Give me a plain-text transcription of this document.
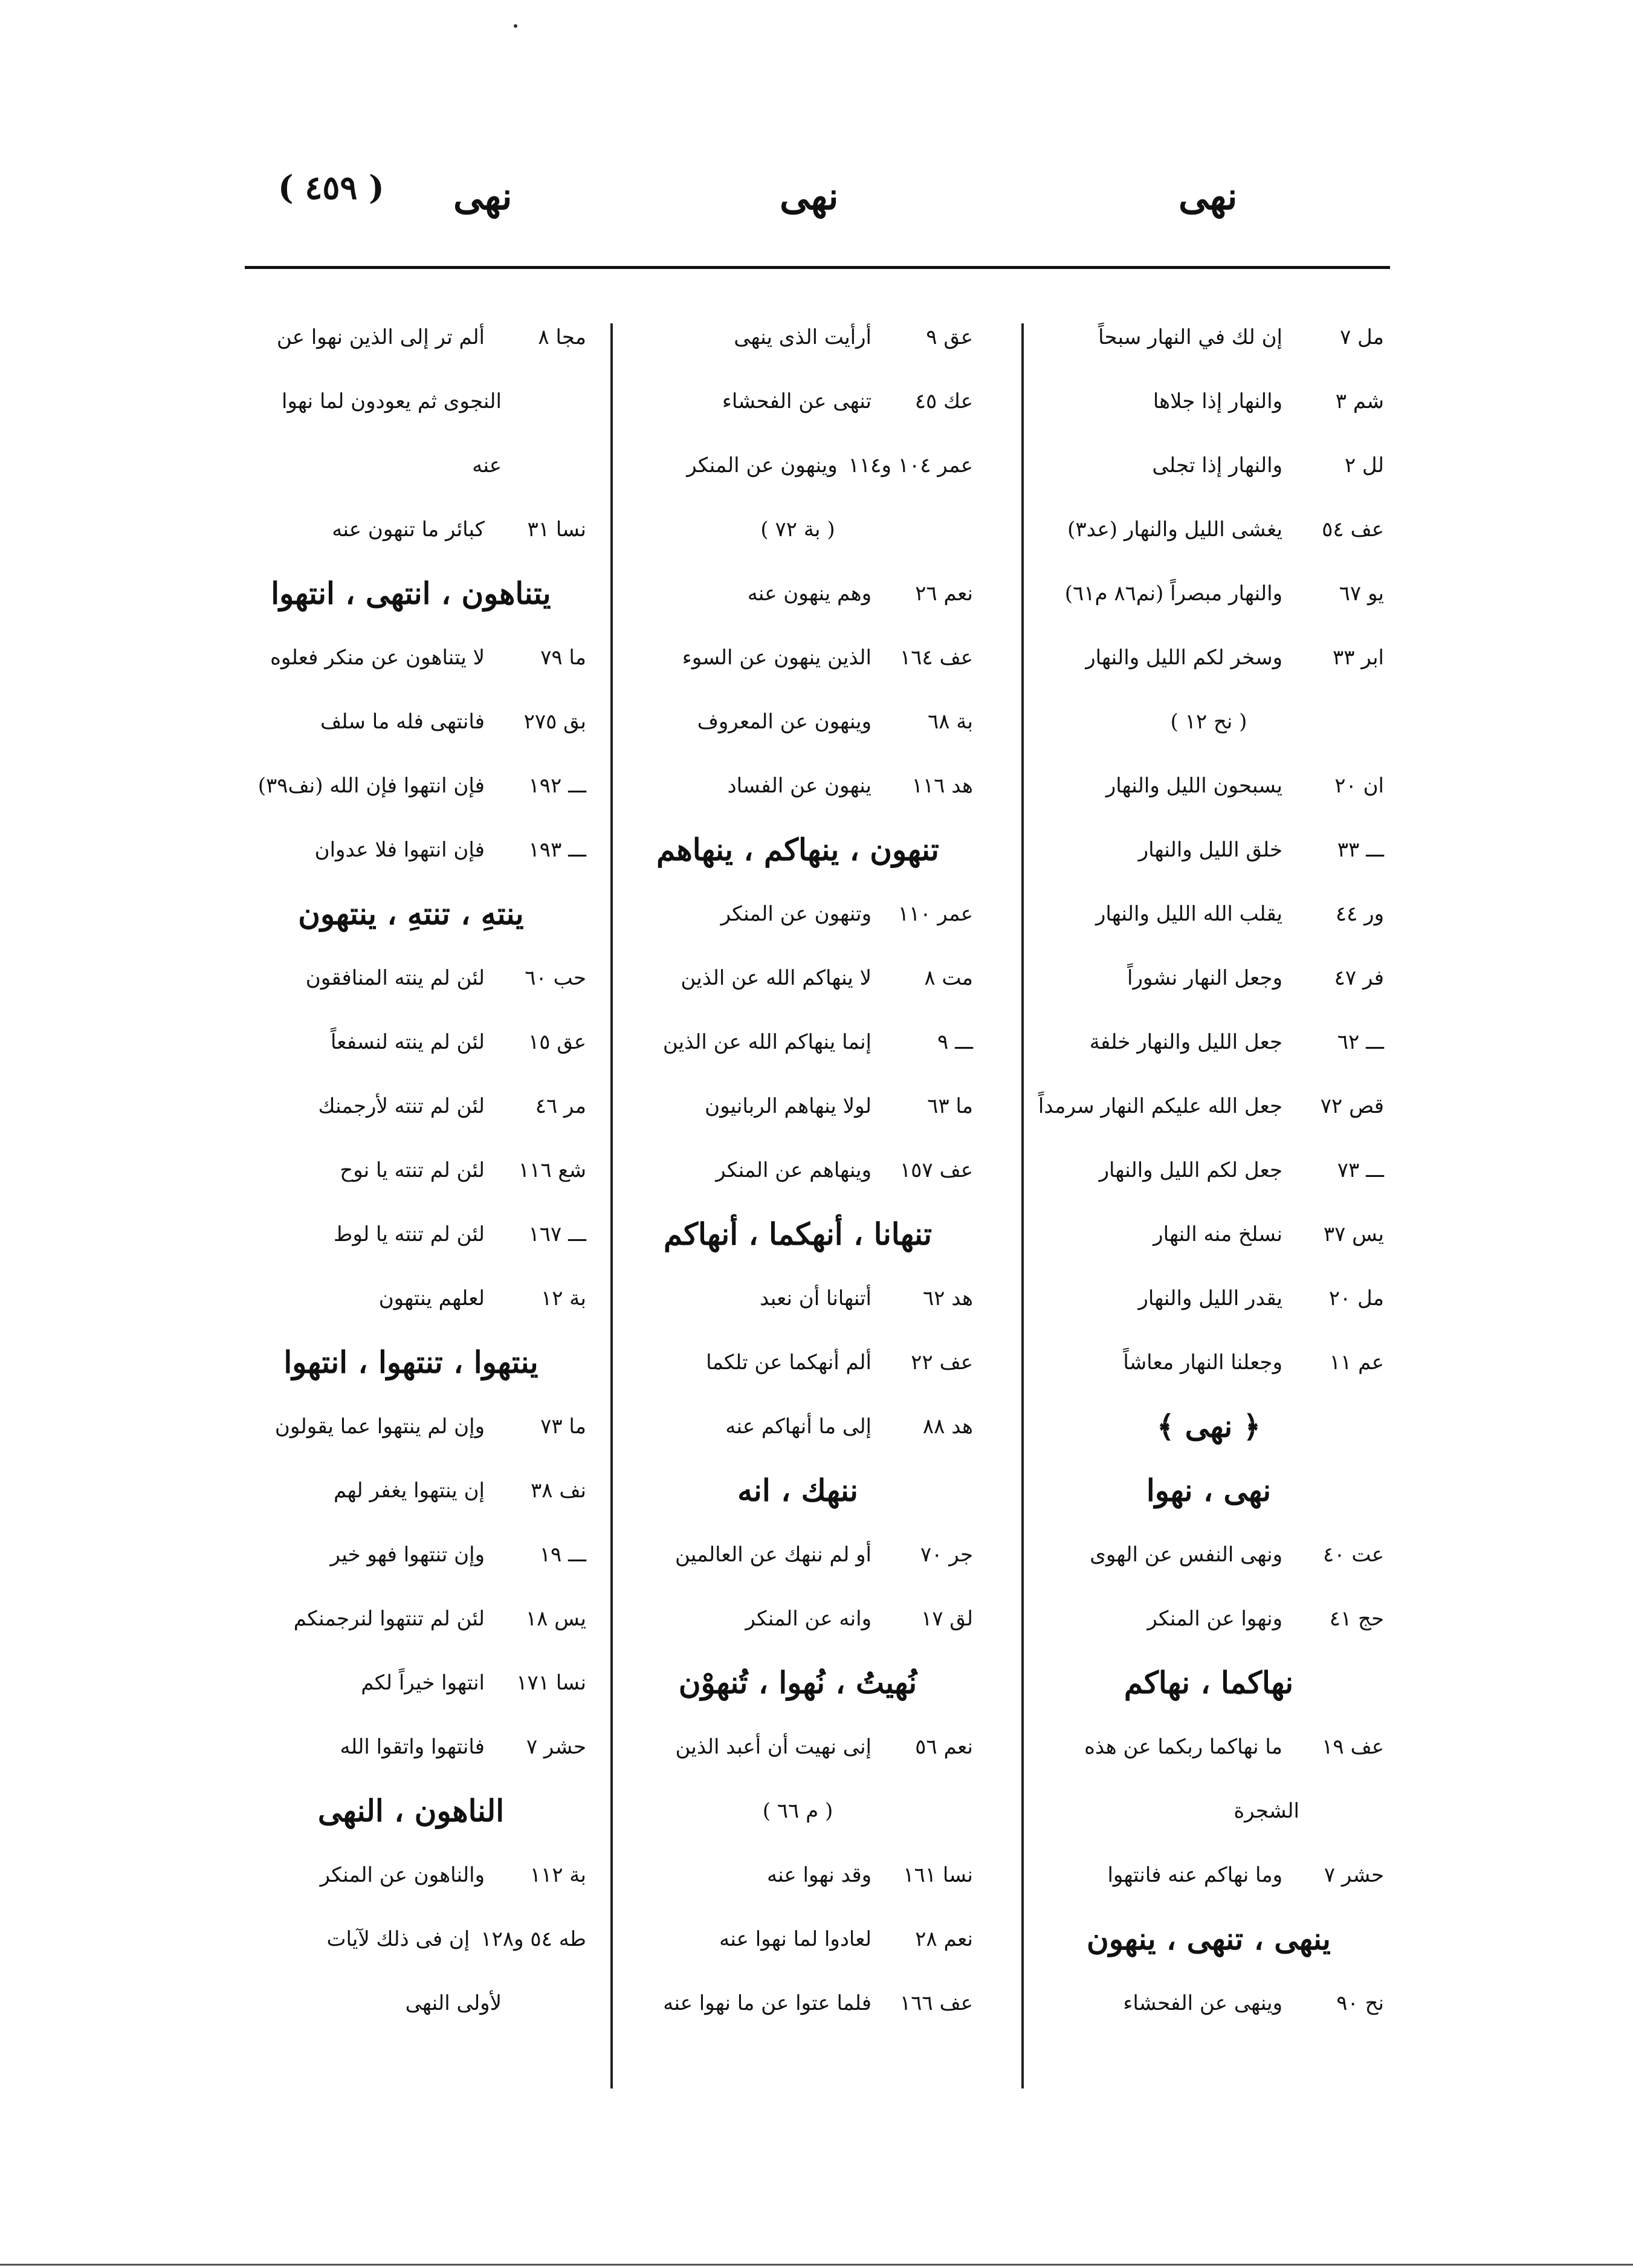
( ٤٥٩ )	نهى
نهى
نهى
مل ٧إن لك في النهار سبحاً
شم ٣والنهار إذا جلاها
لل ٢والنهار إذا تجلى
عف ٥٤يغشى الليل والنهار (عد٣)
يو ٦٧والنهار مبصراً (نم٨٦ م٦١)
ابر ٣٣وسخر لكم الليل والنهار
( نح ١٢ )
ان ٢٠يسبحون الليل والنهار
ـــ ٣٣خلق الليل والنهار
ور ٤٤يقلب الله الليل والنهار
فر ٤٧وجعل النهار نشوراً
ـــ ٦٢جعل الليل والنهار خلفة
قص ٧٢جعل الله عليكم النهار سرمداً
ـــ ٧٣جعل لكم الليل والنهار
يس ٣٧نسلخ منه النهار
مل ٢٠يقدر الليل والنهار
عم ١١وجعلنا النهار معاشاً
﴿ نهى ﴾
نهى ، نهوا
عت ٤٠ونهى النفس عن الهوى
حج ٤١ونهوا عن المنكر
نهاكما ، نهاكم
عف ١٩ما نهاكما ربكما عن هذه
الشجرة
حشر ٧وما نهاكم عنه فانتهوا
ينهى ، تنهى ، ينهون
نح ٩٠وينهى عن الفحشاء
عق ٩أرأيت الذى ينهى
عك ٤٥تنهى عن الفحشاء
عمر ١٠٤ و١١٤وينهون عن المنكر
( بة ٧٢ )
نعم ٢٦وهم ينهون عنه
عف ١٦٤الذين ينهون عن السوء
بة ٦٨وينهون عن المعروف
هد ١١٦ينهون عن الفساد
تنهون ، ينهاكم ، ينهاهم
عمر ١١٠وتنهون عن المنكر
مت ٨لا ينهاكم الله عن الذين
ـــ ٩إنما ينهاكم الله عن الذين
ما ٦٣لولا ينهاهم الربانيون
عف ١٥٧وينهاهم عن المنكر
تنهانا ، أنهكما ، أنهاكم
هد ٦٢أتنهانا أن نعبد
عف ٢٢ألم أنهكما عن تلكما
هد ٨٨إلى ما أنهاكم عنه
ننهك ، انه
جر ٧٠أو لم ننهك عن العالمين
لق ١٧وانه عن المنكر
نُهيتُ ، نُهوا ، تُنهوْن
نعم ٥٦إنى نهيت أن أعبد الذين
( م ٦٦ )
نسا ١٦١وقد نهوا عنه
نعم ٢٨لعادوا لما نهوا عنه
عف ١٦٦فلما عتوا عن ما نهوا عنه
مجا ٨ألم تر إلى الذين نهوا عن
النجوى ثم يعودون لما نهوا
عنه
نسا ٣١كبائر ما تنهون عنه
يتناهون ، انتهى ، انتهوا
ما ٧٩لا يتناهون عن منكر فعلوه
بق ٢٧٥فانتهى فله ما سلف
ـــ ١٩٢فإن انتهوا فإن الله (نف٣٩)
ـــ ١٩٣فإن انتهوا فلا عدوان
ينتهِ ، تنتهِ ، ينتهون
حب ٦٠لئن لم ينته المنافقون
عق ١٥لئن لم ينته لنسفعاً
مر ٤٦لئن لم تنته لأرجمنك
شع ١١٦لئن لم تنته يا نوح
ـــ ١٦٧لئن لم تنته يا لوط
بة ١٢لعلهم ينتهون
ينتهوا ، تنتهوا ، انتهوا
ما ٧٣وإن لم ينتهوا عما يقولون
نف ٣٨إن ينتهوا يغفر لهم
ـــ ١٩وإن تنتهوا فهو خير
يس ١٨لئن لم تنتهوا لنرجمنكم
نسا ١٧١انتهوا خيراً لكم
حشر ٧فانتهوا واتقوا الله
الناهون ، النهى
بة ١١٢والناهون عن المنكر
طه ٥٤ و١٢٨إن فى ذلك لآيات
لأولى النهى
